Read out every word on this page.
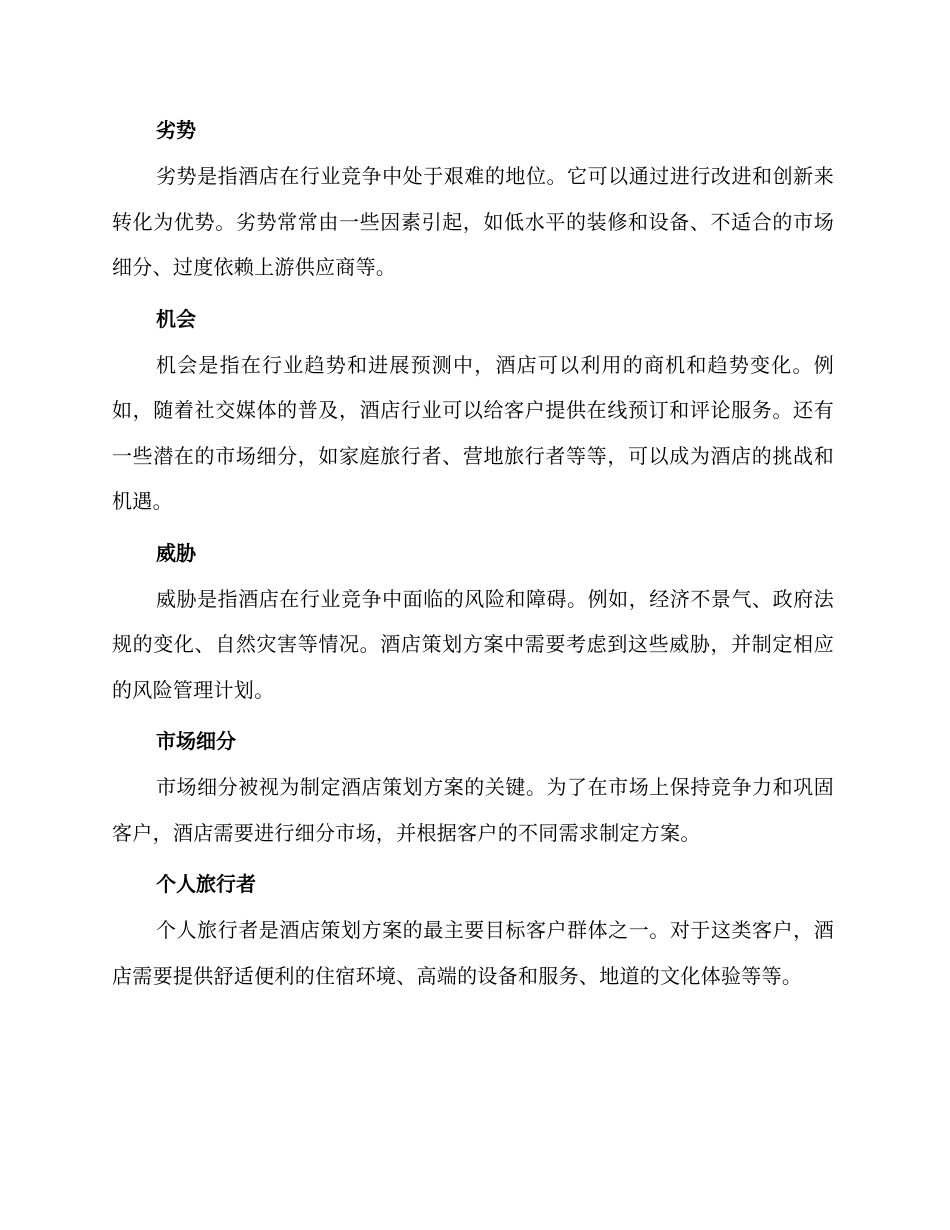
劣势

劣势是指酒店在行业竞争中处于艰难的地位。它可以通过进行改进和创新来转化为优势。劣势常常由一些因素引起，如低水平的装修和设备、不适合的市场细分、过度依赖上游供应商等。

机会

机会是指在行业趋势和进展预测中，酒店可以利用的商机和趋势变化。例如，随着社交媒体的普及，酒店行业可以给客户提供在线预订和评论服务。还有一些潜在的市场细分，如家庭旅行者、营地旅行者等等，可以成为酒店的挑战和机遇。

威胁

威胁是指酒店在行业竞争中面临的风险和障碍。例如，经济不景气、政府法规的变化、自然灾害等情况。酒店策划方案中需要考虑到这些威胁，并制定相应的风险管理计划。

市场细分

市场细分被视为制定酒店策划方案的关键。为了在市场上保持竞争力和巩固客户，酒店需要进行细分市场，并根据客户的不同需求制定方案。

个人旅行者

个人旅行者是酒店策划方案的最主要目标客户群体之一。对于这类客户，酒店需要提供舒适便利的住宿环境、高端的设备和服务、地道的文化体验等等。
